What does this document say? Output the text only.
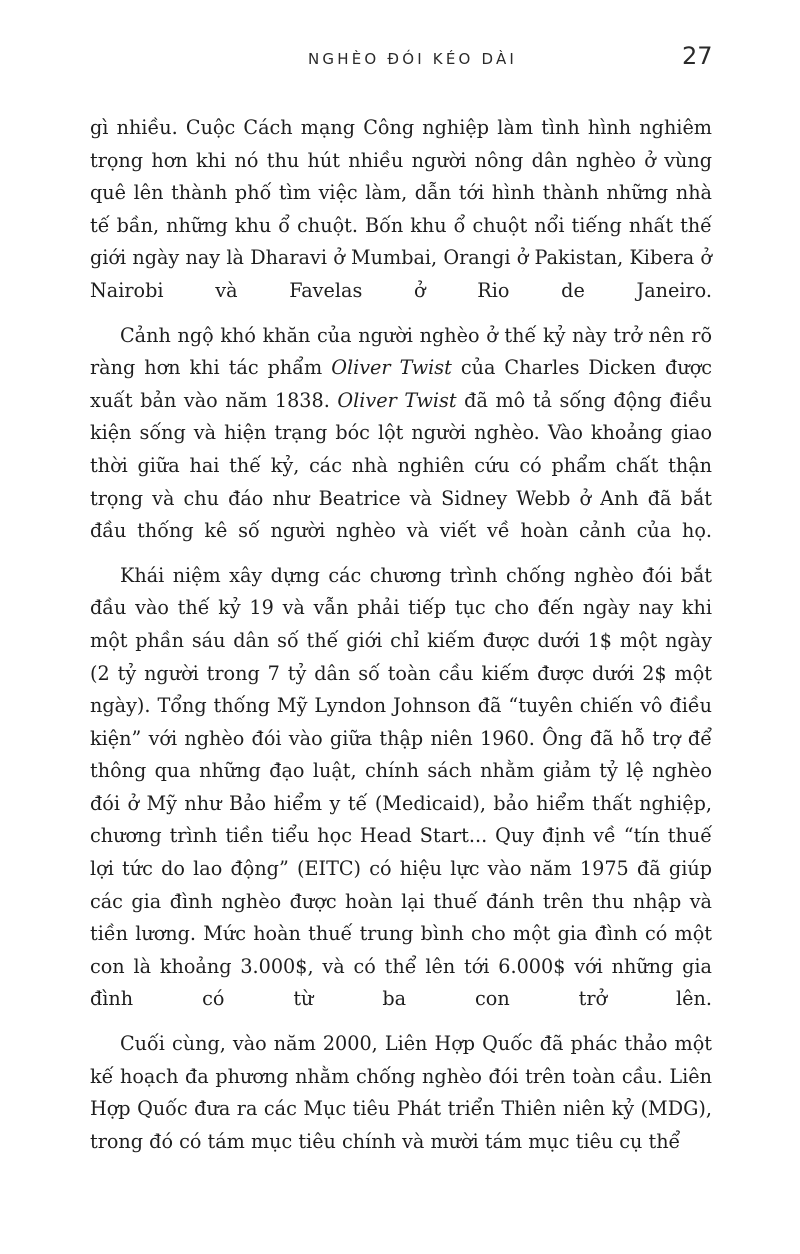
NGHÈO ĐÓI KÉO DÀI	27

gì nhiều. Cuộc Cách mạng Công nghiệp làm tình hình nghiêm trọng hơn khi nó thu hút nhiều người nông dân nghèo ở vùng quê lên thành phố tìm việc làm, dẫn tới hình thành những nhà tế bần, những khu ổ chuột. Bốn khu ổ chuột nổi tiếng nhất thế giới ngày nay là Dharavi ở Mumbai, Orangi ở Pakistan, Kibera ở Nairobi và Favelas ở Rio de Janeiro.

Cảnh ngộ khó khăn của người nghèo ở thế kỷ này trở nên rõ ràng hơn khi tác phẩm Oliver Twist của Charles Dicken được xuất bản vào năm 1838. Oliver Twist đã mô tả sống động điều kiện sống và hiện trạng bóc lột người nghèo. Vào khoảng giao thời giữa hai thế kỷ, các nhà nghiên cứu có phẩm chất thận trọng và chu đáo như Beatrice và Sidney Webb ở Anh đã bắt đầu thống kê số người nghèo và viết về hoàn cảnh của họ.

Khái niệm xây dựng các chương trình chống nghèo đói bắt đầu vào thế kỷ 19 và vẫn phải tiếp tục cho đến ngày nay khi một phần sáu dân số thế giới chỉ kiếm được dưới 1$ một ngày (2 tỷ người trong 7 tỷ dân số toàn cầu kiếm được dưới 2$ một ngày). Tổng thống Mỹ Lyndon Johnson đã “tuyên chiến vô điều kiện” với nghèo đói vào giữa thập niên 1960. Ông đã hỗ trợ để thông qua những đạo luật, chính sách nhằm giảm tỷ lệ nghèo đói ở Mỹ như Bảo hiểm y tế (Medicaid), bảo hiểm thất nghiệp, chương trình tiền tiểu học Head Start... Quy định về “tín thuế lợi tức do lao động” (EITC) có hiệu lực vào năm 1975 đã giúp các gia đình nghèo được hoàn lại thuế đánh trên thu nhập và tiền lương. Mức hoàn thuế trung bình cho một gia đình có một con là khoảng 3.000$, và có thể lên tới 6.000$ với những gia đình có từ ba con trở lên.

Cuối cùng, vào năm 2000, Liên Hợp Quốc đã phác thảo một kế hoạch đa phương nhằm chống nghèo đói trên toàn cầu. Liên Hợp Quốc đưa ra các Mục tiêu Phát triển Thiên niên kỷ (MDG), trong đó có tám mục tiêu chính và mười tám mục tiêu cụ thể
